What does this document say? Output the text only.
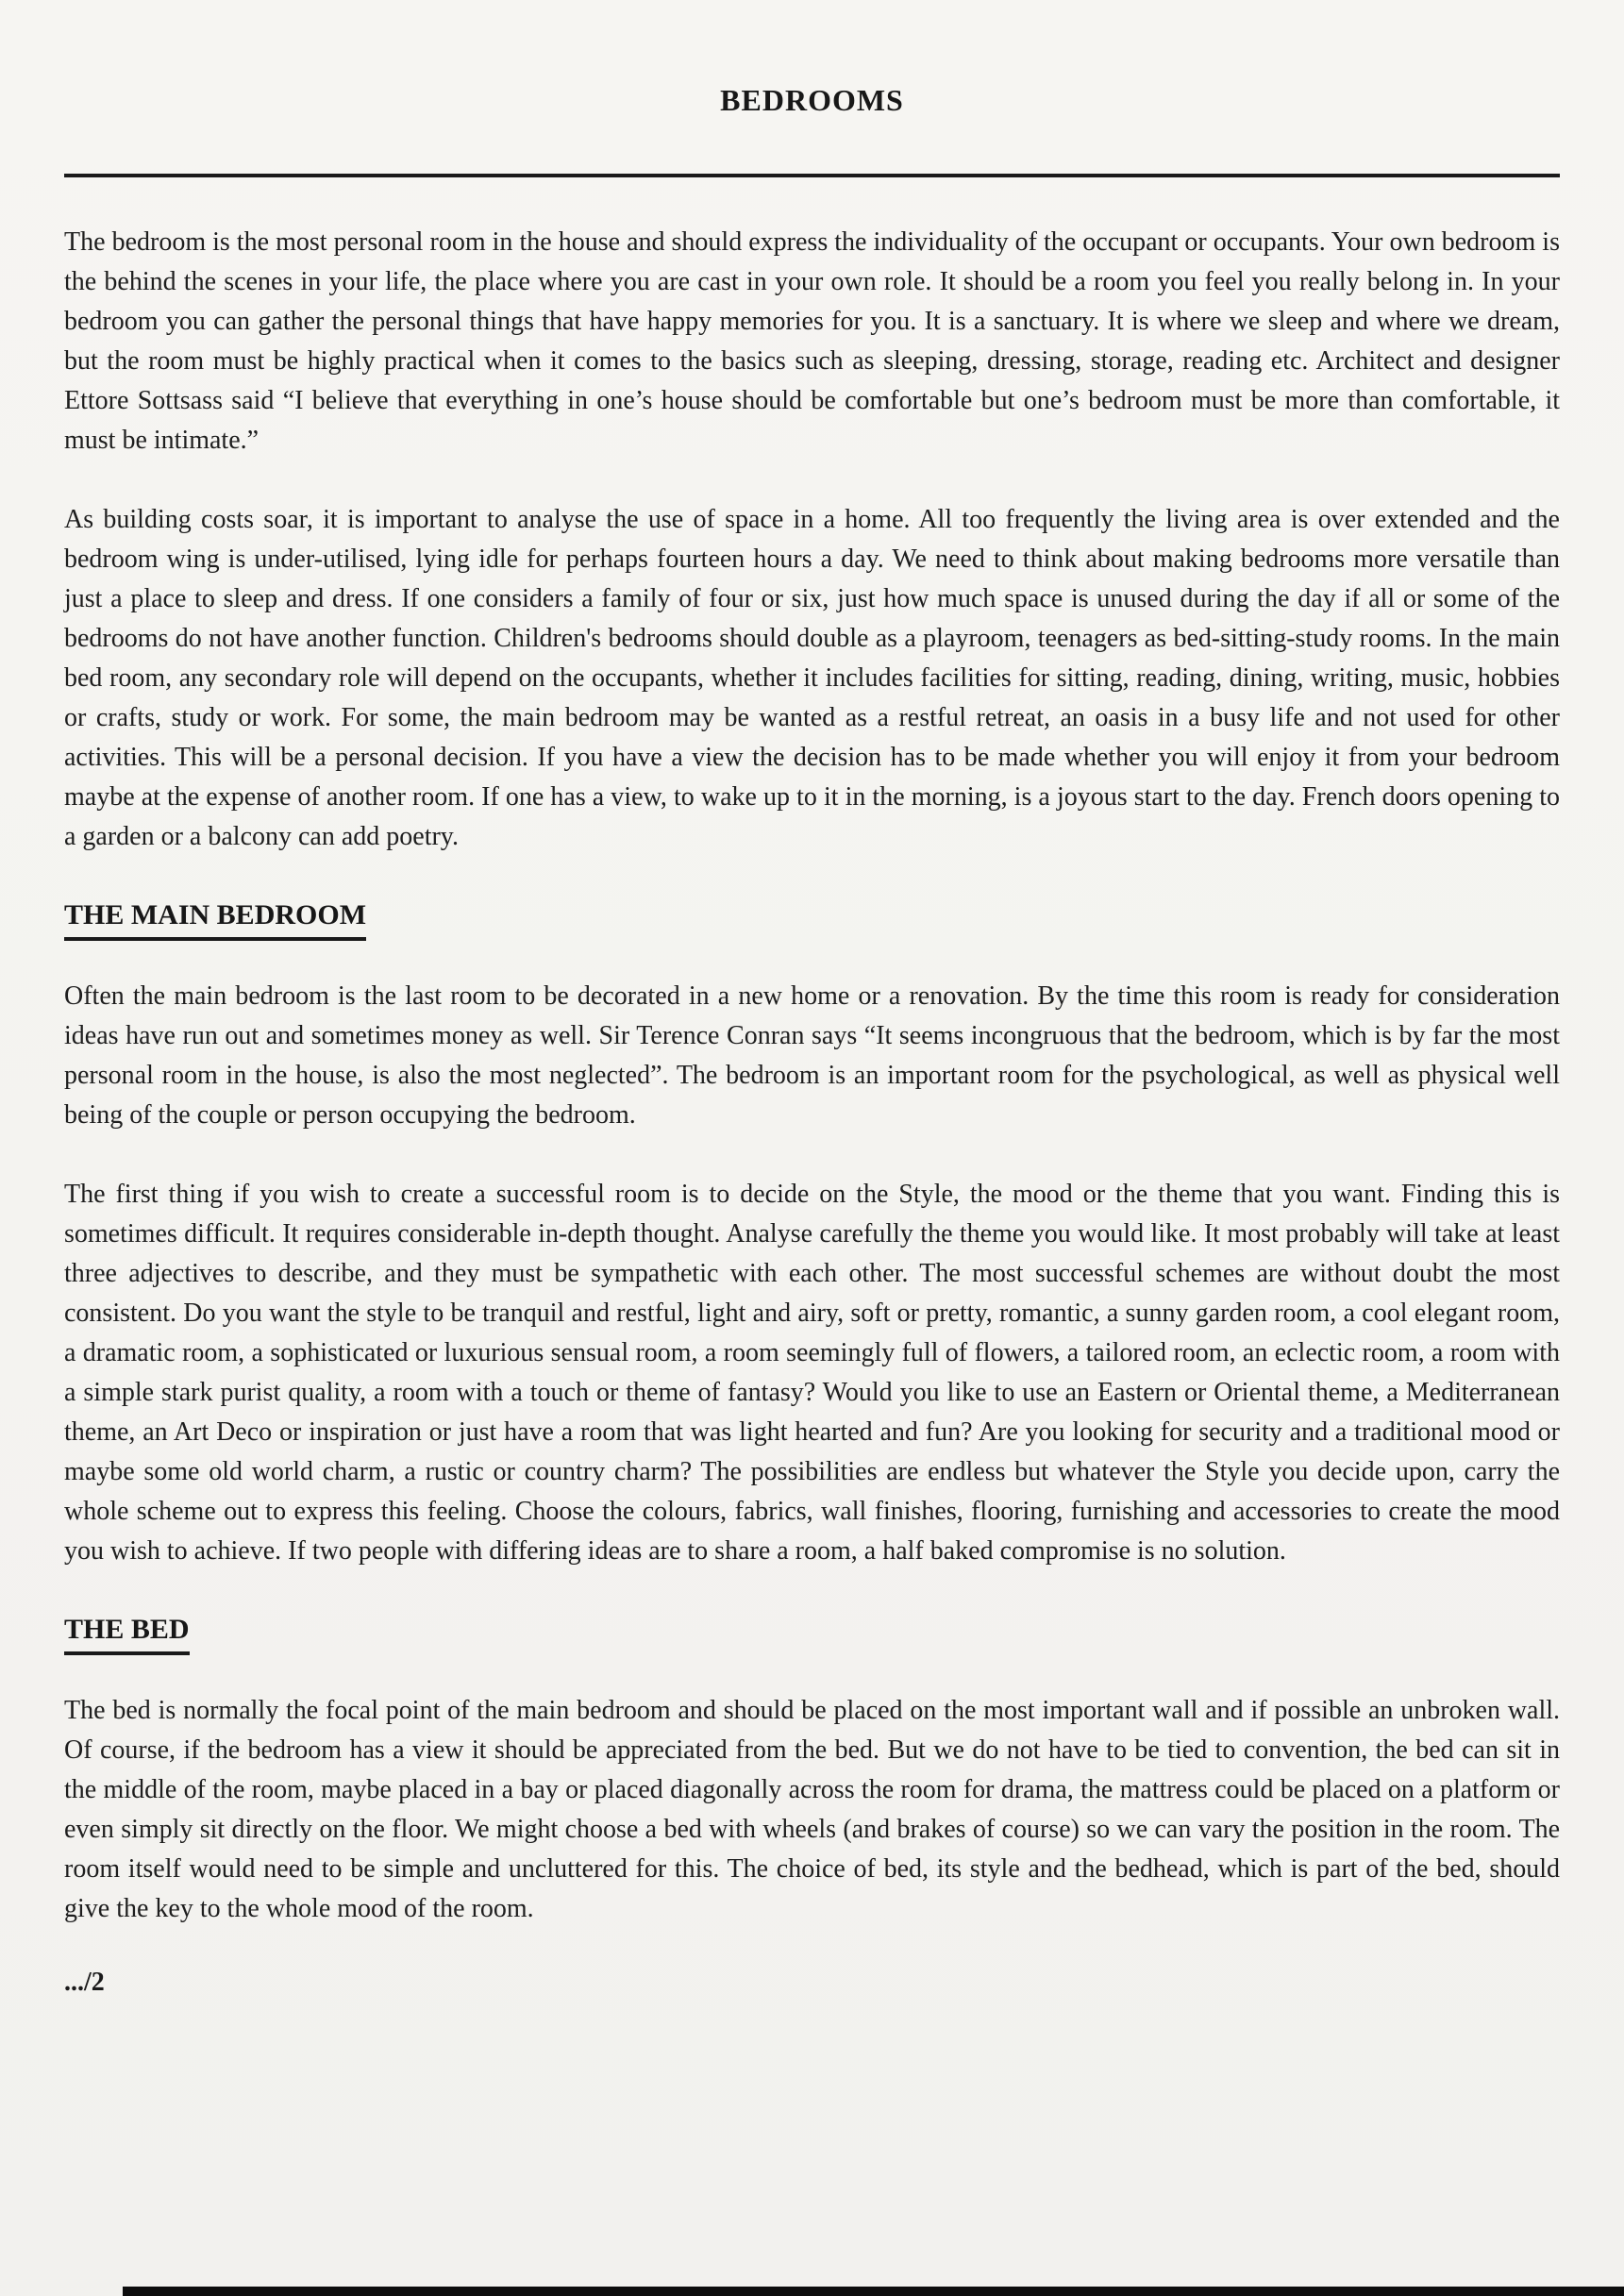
BEDROOMS

The bedroom is the most personal room in the house and should express the individuality of the occupant or occupants. Your own bedroom is the behind the scenes in your life, the place where you are cast in your own role. It should be a room you feel you really belong in. In your bedroom you can gather the personal things that have happy memories for you. It is a sanctuary. It is where we sleep and where we dream, but the room must be highly practical when it comes to the basics such as sleeping, dressing, storage, reading etc. Architect and designer Ettore Sottsass said “I believe that everything in one’s house should be comfortable but one’s bedroom must be more than comfortable, it must be intimate.”

As building costs soar, it is important to analyse the use of space in a home. All too frequently the living area is over extended and the bedroom wing is under-utilised, lying idle for perhaps fourteen hours a day. We need to think about making bedrooms more versatile than just a place to sleep and dress. If one considers a family of four or six, just how much space is unused during the day if all or some of the bedrooms do not have another function. Children's bedrooms should double as a playroom, teenagers as bed-sitting-study rooms. In the main bed room, any secondary role will depend on the occupants, whether it includes facilities for sitting, reading, dining, writing, music, hobbies or crafts, study or work. For some, the main bedroom may be wanted as a restful retreat, an oasis in a busy life and not used for other activities. This will be a personal decision. If you have a view the decision has to be made whether you will enjoy it from your bedroom maybe at the expense of another room. If one has a view, to wake up to it in the morning, is a joyous start to the day. French doors opening to a garden or a balcony can add poetry.

THE MAIN BEDROOM

Often the main bedroom is the last room to be decorated in a new home or a renovation. By the time this room is ready for consideration ideas have run out and sometimes money as well. Sir Terence Conran says “It seems incongruous that the bedroom, which is by far the most personal room in the house, is also the most neglected”. The bedroom is an important room for the psychological, as well as physical well being of the couple or person occupying the bedroom.

The first thing if you wish to create a successful room is to decide on the Style, the mood or the theme that you want. Finding this is sometimes difficult. It requires considerable in-depth thought. Analyse carefully the theme you would like. It most probably will take at least three adjectives to describe, and they must be sympathetic with each other. The most successful schemes are without doubt the most consistent. Do you want the style to be tranquil and restful, light and airy, soft or pretty, romantic, a sunny garden room, a cool elegant room, a dramatic room, a sophisticated or luxurious sensual room, a room seemingly full of flowers, a tailored room, an eclectic room, a room with a simple stark purist quality, a room with a touch or theme of fantasy? Would you like to use an Eastern or Oriental theme, a Mediterranean theme, an Art Deco or inspiration or just have a room that was light hearted and fun? Are you looking for security and a traditional mood or maybe some old world charm, a rustic or country charm? The possibilities are endless but whatever the Style you decide upon, carry the whole scheme out to express this feeling. Choose the colours, fabrics, wall finishes, flooring, furnishing and accessories to create the mood you wish to achieve. If two people with differing ideas are to share a room, a half baked compromise is no solution.

THE BED

The bed is normally the focal point of the main bedroom and should be placed on the most important wall and if possible an unbroken wall. Of course, if the bedroom has a view it should be appreciated from the bed. But we do not have to be tied to convention, the bed can sit in the middle of the room, maybe placed in a bay or placed diagonally across the room for drama, the mattress could be placed on a platform or even simply sit directly on the floor. We might choose a bed with wheels (and brakes of course) so we can vary the position in the room. The room itself would need to be simple and uncluttered for this. The choice of bed, its style and the bedhead, which is part of the bed, should give the key to the whole mood of the room.

.../2
